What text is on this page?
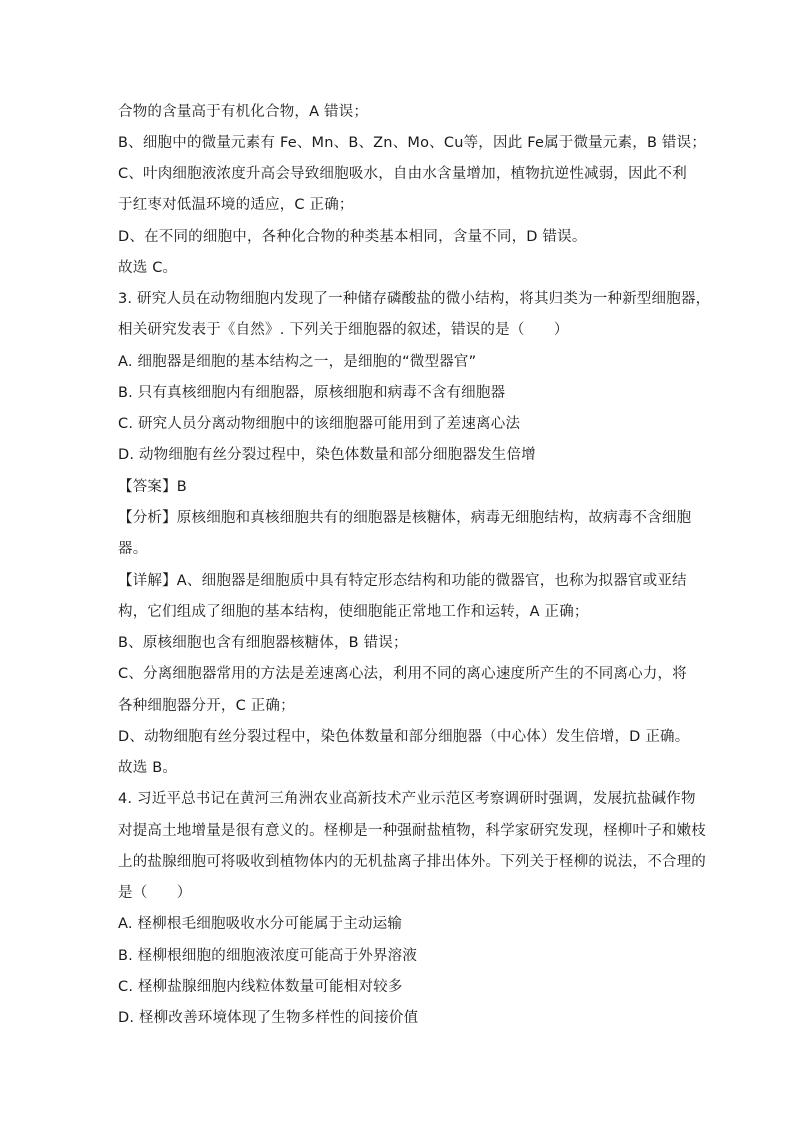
合物的含量高于有机化合物，A 错误；
B、细胞中的微量元素有 Fe、Mn、B、Zn、Mo、Cu等，因此 Fe属于微量元素，B 错误；
C、叶肉细胞液浓度升高会导致细胞吸水，自由水含量增加，植物抗逆性减弱，因此不利
于红枣对低温环境的适应，C 正确；
D、在不同的细胞中，各种化合物的种类基本相同，含量不同，D 错误。
故选 C。
3. 研究人员在动物细胞内发现了一种储存磷酸盐的微小结构，将其归类为一种新型细胞器，
相关研究发表于《自然》. 下列关于细胞器的叙述，错误的是（　　）
A. 细胞器是细胞的基本结构之一，是细胞的“微型器官”
B. 只有真核细胞内有细胞器，原核细胞和病毒不含有细胞器
C. 研究人员分离动物细胞中的该细胞器可能用到了差速离心法
D. 动物细胞有丝分裂过程中，染色体数量和部分细胞器发生倍增
【答案】B
【分析】原核细胞和真核细胞共有的细胞器是核糖体，病毒无细胞结构，故病毒不含细胞
器。
【详解】A、细胞器是细胞质中具有特定形态结构和功能的微器官，也称为拟器官或亚结
构，它们组成了细胞的基本结构，使细胞能正常地工作和运转，A 正确；
B、原核细胞也含有细胞器核糖体，B 错误；
C、分离细胞器常用的方法是差速离心法，利用不同的离心速度所产生的不同离心力，将
各种细胞器分开，C 正确；
D、动物细胞有丝分裂过程中，染色体数量和部分细胞器（中心体）发生倍增，D 正确。
故选 B。
4. 习近平总书记在黄河三角洲农业高新技术产业示范区考察调研时强调，发展抗盐碱作物
对提高土地增量是很有意义的。柽柳是一种强耐盐植物，科学家研究发现，柽柳叶子和嫩枝
上的盐腺细胞可将吸收到植物体内的无机盐离子排出体外。下列关于柽柳的说法，不合理的
是（　　）
A. 柽柳根毛细胞吸收水分可能属于主动运输
B. 柽柳根细胞的细胞液浓度可能高于外界溶液
C. 柽柳盐腺细胞内线粒体数量可能相对较多
D. 柽柳改善环境体现了生物多样性的间接价值
